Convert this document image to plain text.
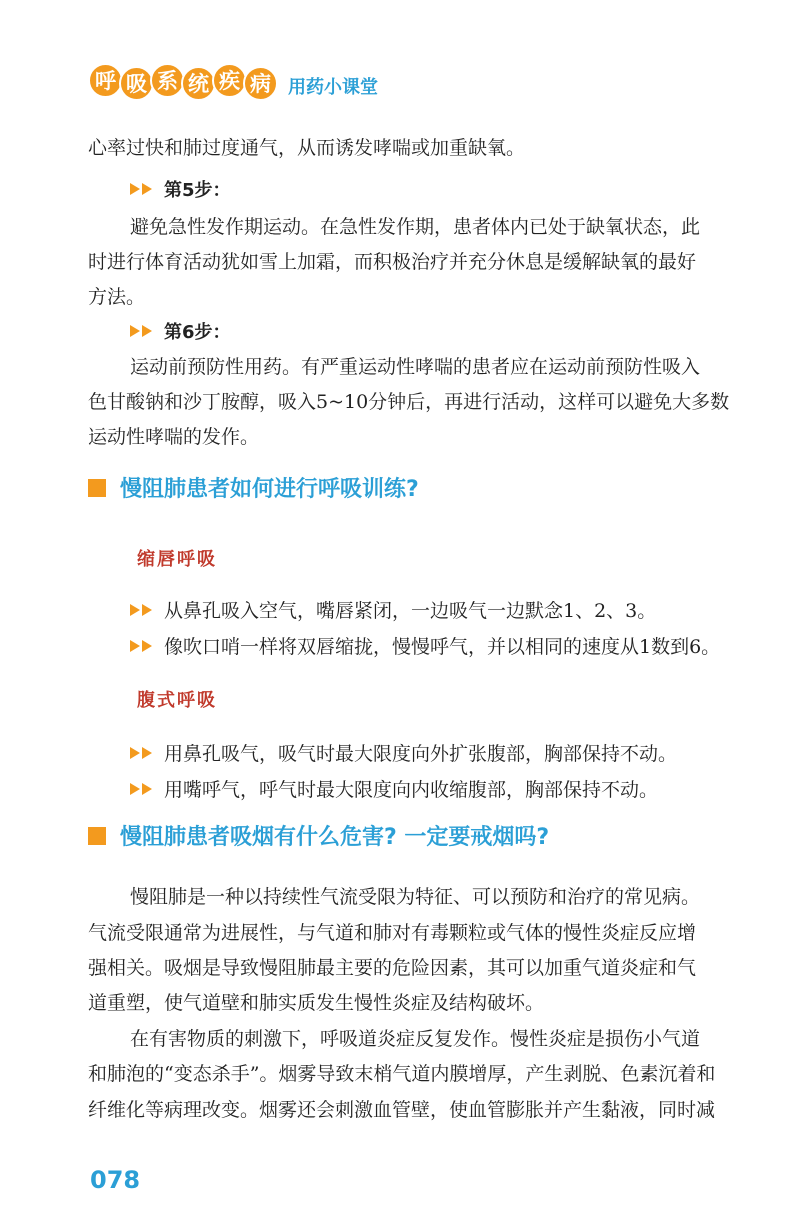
呼 吸 系 统 疾 病 用药小课堂
心率过快和肺过度通气，从而诱发哮喘或加重缺氧。
第5步：
避免急性发作期运动。在急性发作期，患者体内已处于缺氧状态，此
时进行体育活动犹如雪上加霜，而积极治疗并充分休息是缓解缺氧的最好
方法。
第6步：
运动前预防性用药。有严重运动性哮喘的患者应在运动前预防性吸入
色甘酸钠和沙丁胺醇，吸入5~10分钟后，再进行活动，这样可以避免大多数
运动性哮喘的发作。
慢阻肺患者如何进行呼吸训练?
缩唇呼吸
从鼻孔吸入空气，嘴唇紧闭，一边吸气一边默念1、2、3。
像吹口哨一样将双唇缩拢，慢慢呼气，并以相同的速度从1数到6。
腹式呼吸
用鼻孔吸气，吸气时最大限度向外扩张腹部，胸部保持不动。
用嘴呼气，呼气时最大限度向内收缩腹部，胸部保持不动。
慢阻肺患者吸烟有什么危害? 一定要戒烟吗?
慢阻肺是一种以持续性气流受限为特征、可以预防和治疗的常见病。
气流受限通常为进展性，与气道和肺对有毒颗粒或气体的慢性炎症反应增
强相关。吸烟是导致慢阻肺最主要的危险因素，其可以加重气道炎症和气
道重塑，使气道壁和肺实质发生慢性炎症及结构破坏。
在有害物质的刺激下，呼吸道炎症反复发作。慢性炎症是损伤小气道
和肺泡的“变态杀手”。烟雾导致末梢气道内膜增厚，产生剥脱、色素沉着和
纤维化等病理改变。烟雾还会刺激血管壁，使血管膨胀并产生黏液，同时减
078
